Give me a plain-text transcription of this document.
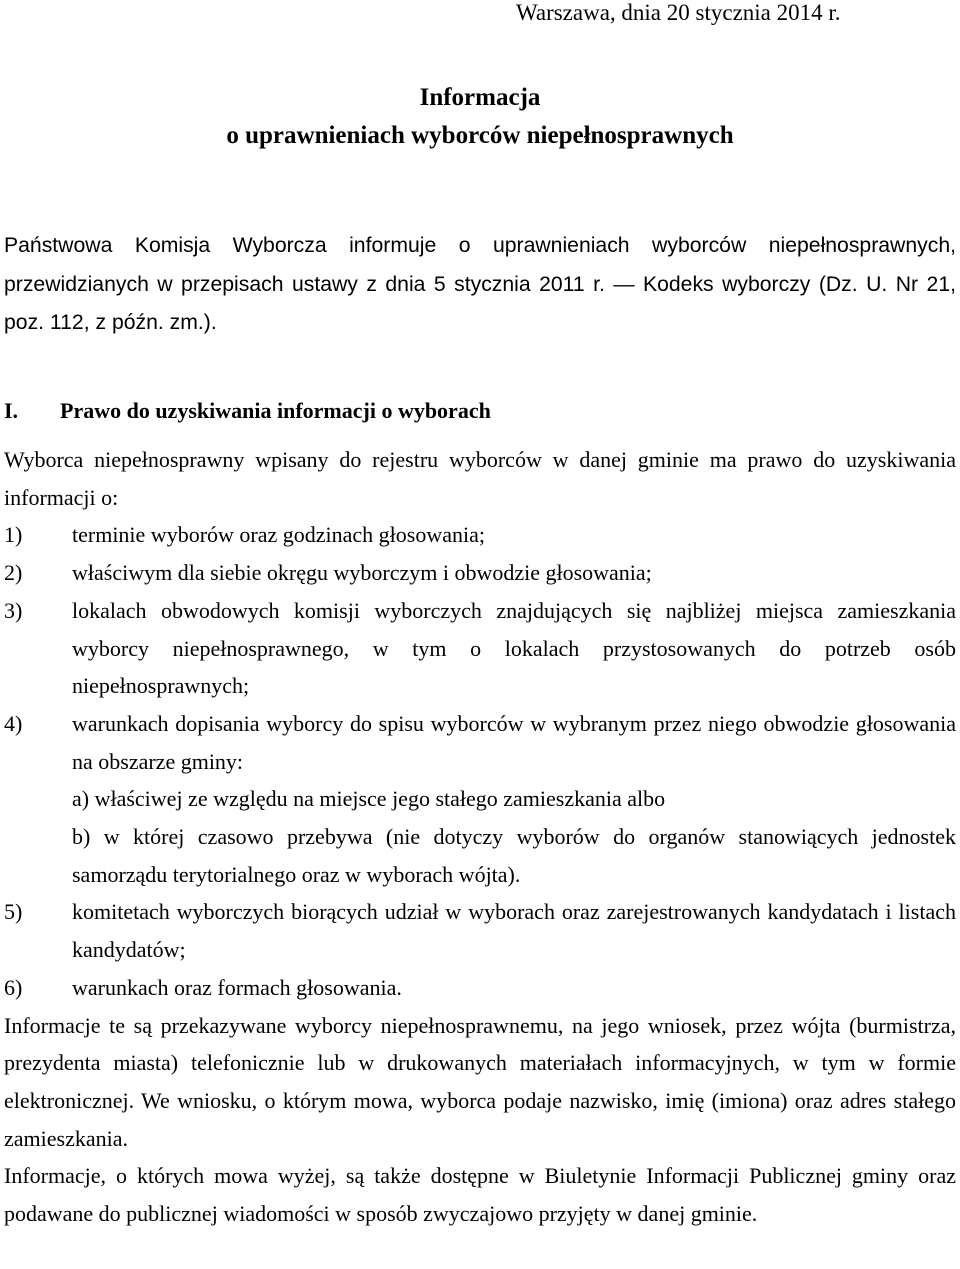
Warszawa, dnia 20 stycznia 2014 r.

Informacja
o uprawnieniach wyborców niepełnosprawnych

Państwowa Komisja Wyborcza informuje o uprawnieniach wyborców niepełnosprawnych, przewidzianych w przepisach ustawy z dnia 5 stycznia 2011 r. — Kodeks wyborczy (Dz. U. Nr 21, poz. 112, z późn. zm.).

I. Prawo do uzyskiwania informacji o wyborach

Wyborca niepełnosprawny wpisany do rejestru wyborców w danej gminie ma prawo do uzyskiwania informacji o:

1) terminie wyborów oraz godzinach głosowania;
2) właściwym dla siebie okręgu wyborczym i obwodzie głosowania;
3) lokalach obwodowych komisji wyborczych znajdujących się najbliżej miejsca zamieszkania wyborcy niepełnosprawnego, w tym o lokalach przystosowanych do potrzeb osób niepełnosprawnych;
4) warunkach dopisania wyborcy do spisu wyborców w wybranym przez niego obwodzie głosowania na obszarze gminy:
a) właściwej ze względu na miejsce jego stałego zamieszkania albo
b) w której czasowo przebywa (nie dotyczy wyborów do organów stanowiących jednostek samorządu terytorialnego oraz w wyborach wójta).
5) komitetach wyborczych biorących udział w wyborach oraz zarejestrowanych kandydatach i listach kandydatów;
6) warunkach oraz formach głosowania.

Informacje te są przekazywane wyborcy niepełnosprawnemu, na jego wniosek, przez wójta (burmistrza, prezydenta miasta) telefonicznie lub w drukowanych materiałach informacyjnych, w tym w formie elektronicznej. We wniosku, o którym mowa, wyborca podaje nazwisko, imię (imiona) oraz adres stałego zamieszkania.

Informacje, o których mowa wyżej, są także dostępne w Biuletynie Informacji Publicznej gminy oraz podawane do publicznej wiadomości w sposób zwyczajowo przyjęty w danej gminie.
